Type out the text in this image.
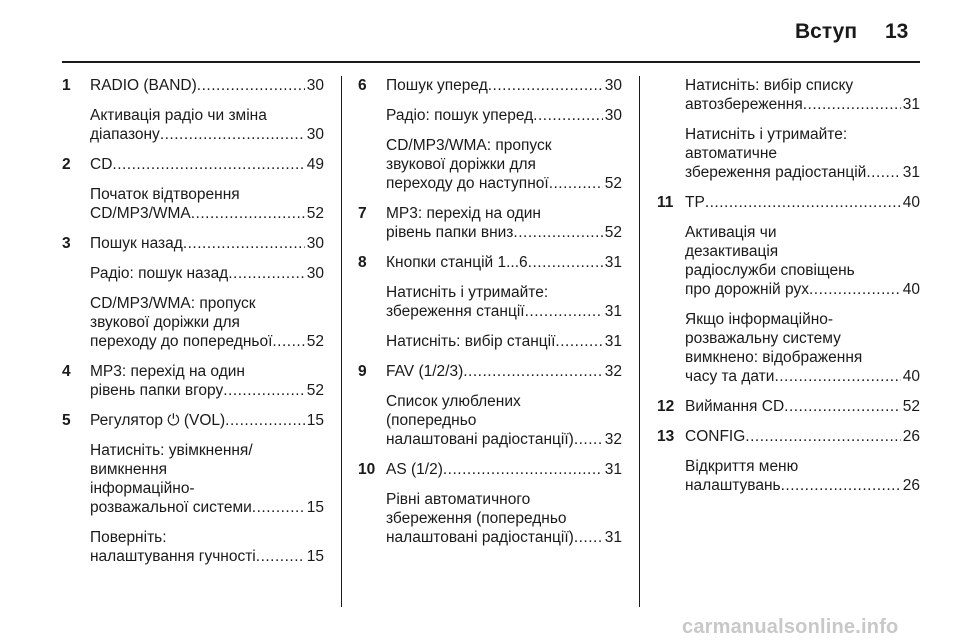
Вступ 13
1 RADIO (BAND) .....	30
Активація радіо чи зміна
діапазону .....	30
2 CD .....	49
Початок відтворення
CD/MP3/WMA .....	52
3 Пошук назад .....	30
Радіо: пошук назад .....	30
CD/MP3/WMA: пропуск
звукової доріжки для
переходу до попередньої ..... 52
4 MP3: перехід на один
рівень папки вгору .....	52
5 Регулятор ⏻ (VOL) .....	15
Натисніть: увімкнення/
вимкнення
інформаційно-
розважальної системи .....	15
Поверніть:
налаштування гучності .....	15
6 Пошук уперед .....	30
Радіо: пошук уперед .....	30
CD/MP3/WMA: пропуск
звукової доріжки для
переходу до наступної .....	52
7 MP3: перехід на один
рівень папки вниз .....	52
8 Кнопки станцій 1...6 .....	31
Натисніть і утримайте:
збереження станції .....	31
Натисніть: вибір станції .....	31
9 FAV (1/2/3) .....	32
Список улюблених
(попередньо
налаштовані радіостанції) ..... 32
10 AS (1/2) .....	31
Рівні автоматичного
збереження (попередньо
налаштовані радіостанції) ..... 31
Натисніть: вибір списку
автозбереження .....	31
Натисніть і утримайте:
автоматичне
збереження радіостанцій ..... 31
11 TP .....	40
Активація чи
дезактивація
радіослужби сповіщень
про дорожній рух .....	40
Якщо інформаційно-
розважальну систему
вимкнено: відображення
часу та дати .....	40
12 Виймання CD .....	52
13 CONFIG .....	26
Відкриття меню
налаштувань .....	26
carmanualsonline.info
